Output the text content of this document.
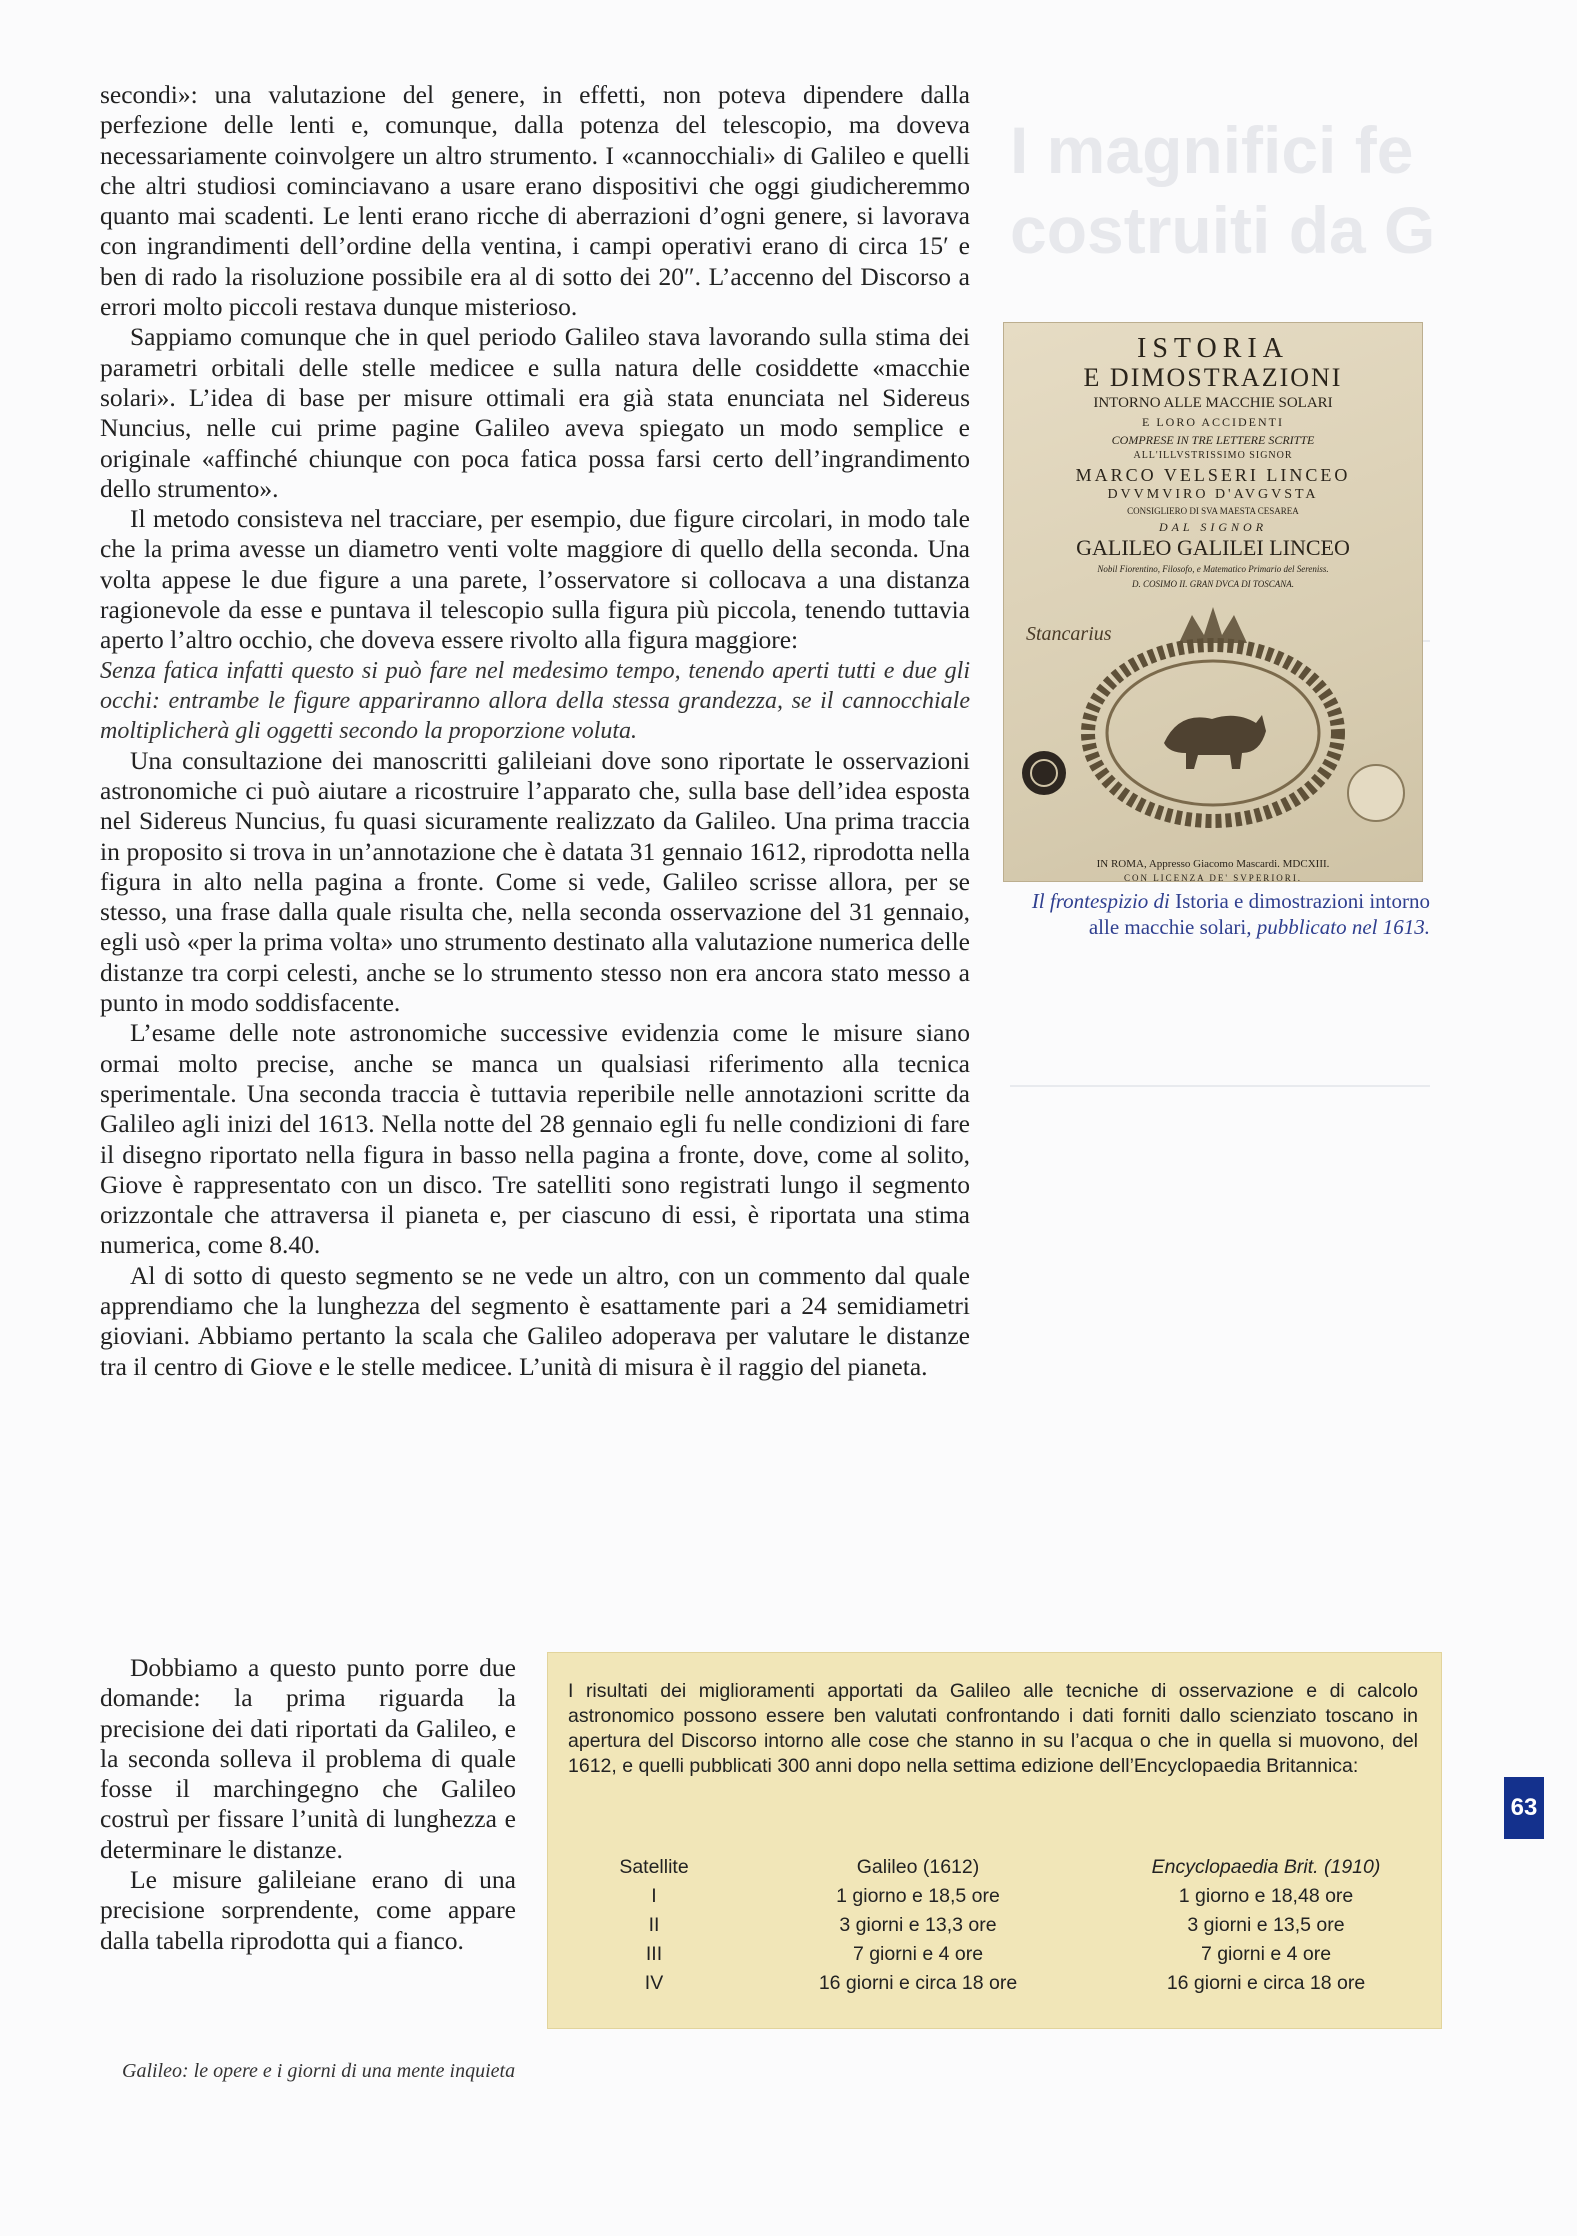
I magnifici fe
costruiti da G

secondi»: una valutazione del genere, in effetti, non poteva dipendere dalla perfezione delle lenti e, comunque, dalla potenza del telescopio, ma doveva necessariamente coinvolgere un altro strumento. I «cannocchiali» di Galileo e quelli che altri studiosi cominciavano a usare erano dispositivi che oggi giudicheremmo quanto mai scadenti. Le lenti erano ricche di aberrazioni d’ogni genere, si lavorava con ingrandimenti dell’ordine della ventina, i campi operativi erano di circa 15′ e ben di rado la risoluzione possibile era al di sotto dei 20″. L’accenno del Discorso a errori molto piccoli restava dunque misterioso.

Sappiamo comunque che in quel periodo Galileo stava lavorando sulla stima dei parametri orbitali delle stelle medicee e sulla natura delle cosiddette «macchie solari». L’idea di base per misure ottimali era già stata enunciata nel Sidereus Nuncius, nelle cui prime pagine Galileo aveva spiegato un modo semplice e originale «affinché chiunque con poca fatica possa farsi certo dell’ingrandimento dello strumento».

Il metodo consisteva nel tracciare, per esempio, due figure circolari, in modo tale che la prima avesse un diametro venti volte maggiore di quello della seconda. Una volta appese le due figure a una parete, l’osservatore si collocava a una distanza ragionevole da esse e puntava il telescopio sulla figura più piccola, tenendo tuttavia aperto l’altro occhio, che doveva essere rivolto alla figura maggiore:

Senza fatica infatti questo si può fare nel medesimo tempo, tenendo aperti tutti e due gli occhi: entrambe le figure appariranno allora della stessa grandezza, se il cannocchiale moltiplicherà gli oggetti secondo la proporzione voluta.

Una consultazione dei manoscritti galileiani dove sono riportate le osservazioni astronomiche ci può aiutare a ricostruire l’apparato che, sulla base dell’idea esposta nel Sidereus Nuncius, fu quasi sicuramente realizzato da Galileo. Una prima traccia in proposito si trova in un’annotazione che è datata 31 gennaio 1612, riprodotta nella figura in alto nella pagina a fronte. Come si vede, Galileo scrisse allora, per se stesso, una frase dalla quale risulta che, nella seconda osservazione del 31 gennaio, egli usò «per la prima volta» uno strumento destinato alla valutazione numerica delle distanze tra corpi celesti, anche se lo strumento stesso non era ancora stato messo a punto in modo soddisfacente.

L’esame delle note astronomiche successive evidenzia come le misure siano ormai molto precise, anche se manca un qualsiasi riferimento alla tecnica sperimentale. Una seconda traccia è tuttavia reperibile nelle annotazioni scritte da Galileo agli inizi del 1613. Nella notte del 28 gennaio egli fu nelle condizioni di fare il disegno riportato nella figura in basso nella pagina a fronte, dove, come al solito, Giove è rappresentato con un disco. Tre satelliti sono registrati lungo il segmento orizzontale che attraversa il pianeta e, per ciascuno di essi, è riportata una stima numerica, come 8.40.

Al di sotto di questo segmento se ne vede un altro, con un commento dal quale apprendiamo che la lunghezza del segmento è esattamente pari a 24 semidiametri gioviani. Abbiamo pertanto la scala che Galileo adoperava per valutare le distanze tra il centro di Giove e le stelle medicee. L’unità di misura è il raggio del pianeta.

Dobbiamo a questo punto porre due domande: la prima riguarda la precisione dei dati riportati da Galileo, e la seconda solleva il problema di quale fosse il marchingegno che Galileo costruì per fissare l’unità di lunghezza e determinare le distanze.

Le misure galileiane erano di una precisione sorprendente, come appare dalla tabella riprodotta qui a fianco.

ISTORIA
E DIMOSTRAZIONI
INTORNO ALLE MACCHIE SOLARI
E LORO ACCIDENTI
COMPRESE IN TRE LETTERE SCRITTE
ALL'ILLVSTRISSIMO SIGNOR
MARCO VELSERI LINCEO
DVVMVIRO D'AVGVSTA
CONSIGLIERO DI SVA MAESTA CESAREA
DAL SIGNOR
GALILEO GALILEI LINCEO
Nobil Fiorentino, Filosofo, e Matematico Primario del Sereniss.
D. COSIMO II. GRAN DVCA DI TOSCANA.
Stancarius
IN ROMA, Appresso Giacomo Mascardi. MDCXIII.
CON LICENZA DE' SVPERIORI.
Il frontespizio di Istoria e dimostrazioni intorno alle macchie solari, pubblicato nel 1613.
I risultati dei miglioramenti apportati da Galileo alle tecniche di osservazione e di calcolo astronomico possono essere ben valutati confrontando i dati forniti dallo scienziato toscano in apertura del Discorso intorno alle cose che stanno in su l’acqua o che in quella si muovono, del 1612, e quelli pubblicati 300 anni dopo nella settima edizione dell’Encyclopaedia Britannica:
Satellite
I
II
III
IV
Galileo (1612)
1 giorno e 18,5 ore
3 giorni e 13,3 ore
7 giorni e 4 ore
16 giorni e circa 18 ore
Encyclopaedia Brit. (1910)
1 giorno e 18,48 ore
3 giorni e 13,5 ore
7 giorni e 4 ore
16 giorni e circa 18 ore
63
Galileo: le opere e i giorni di una mente inquieta
